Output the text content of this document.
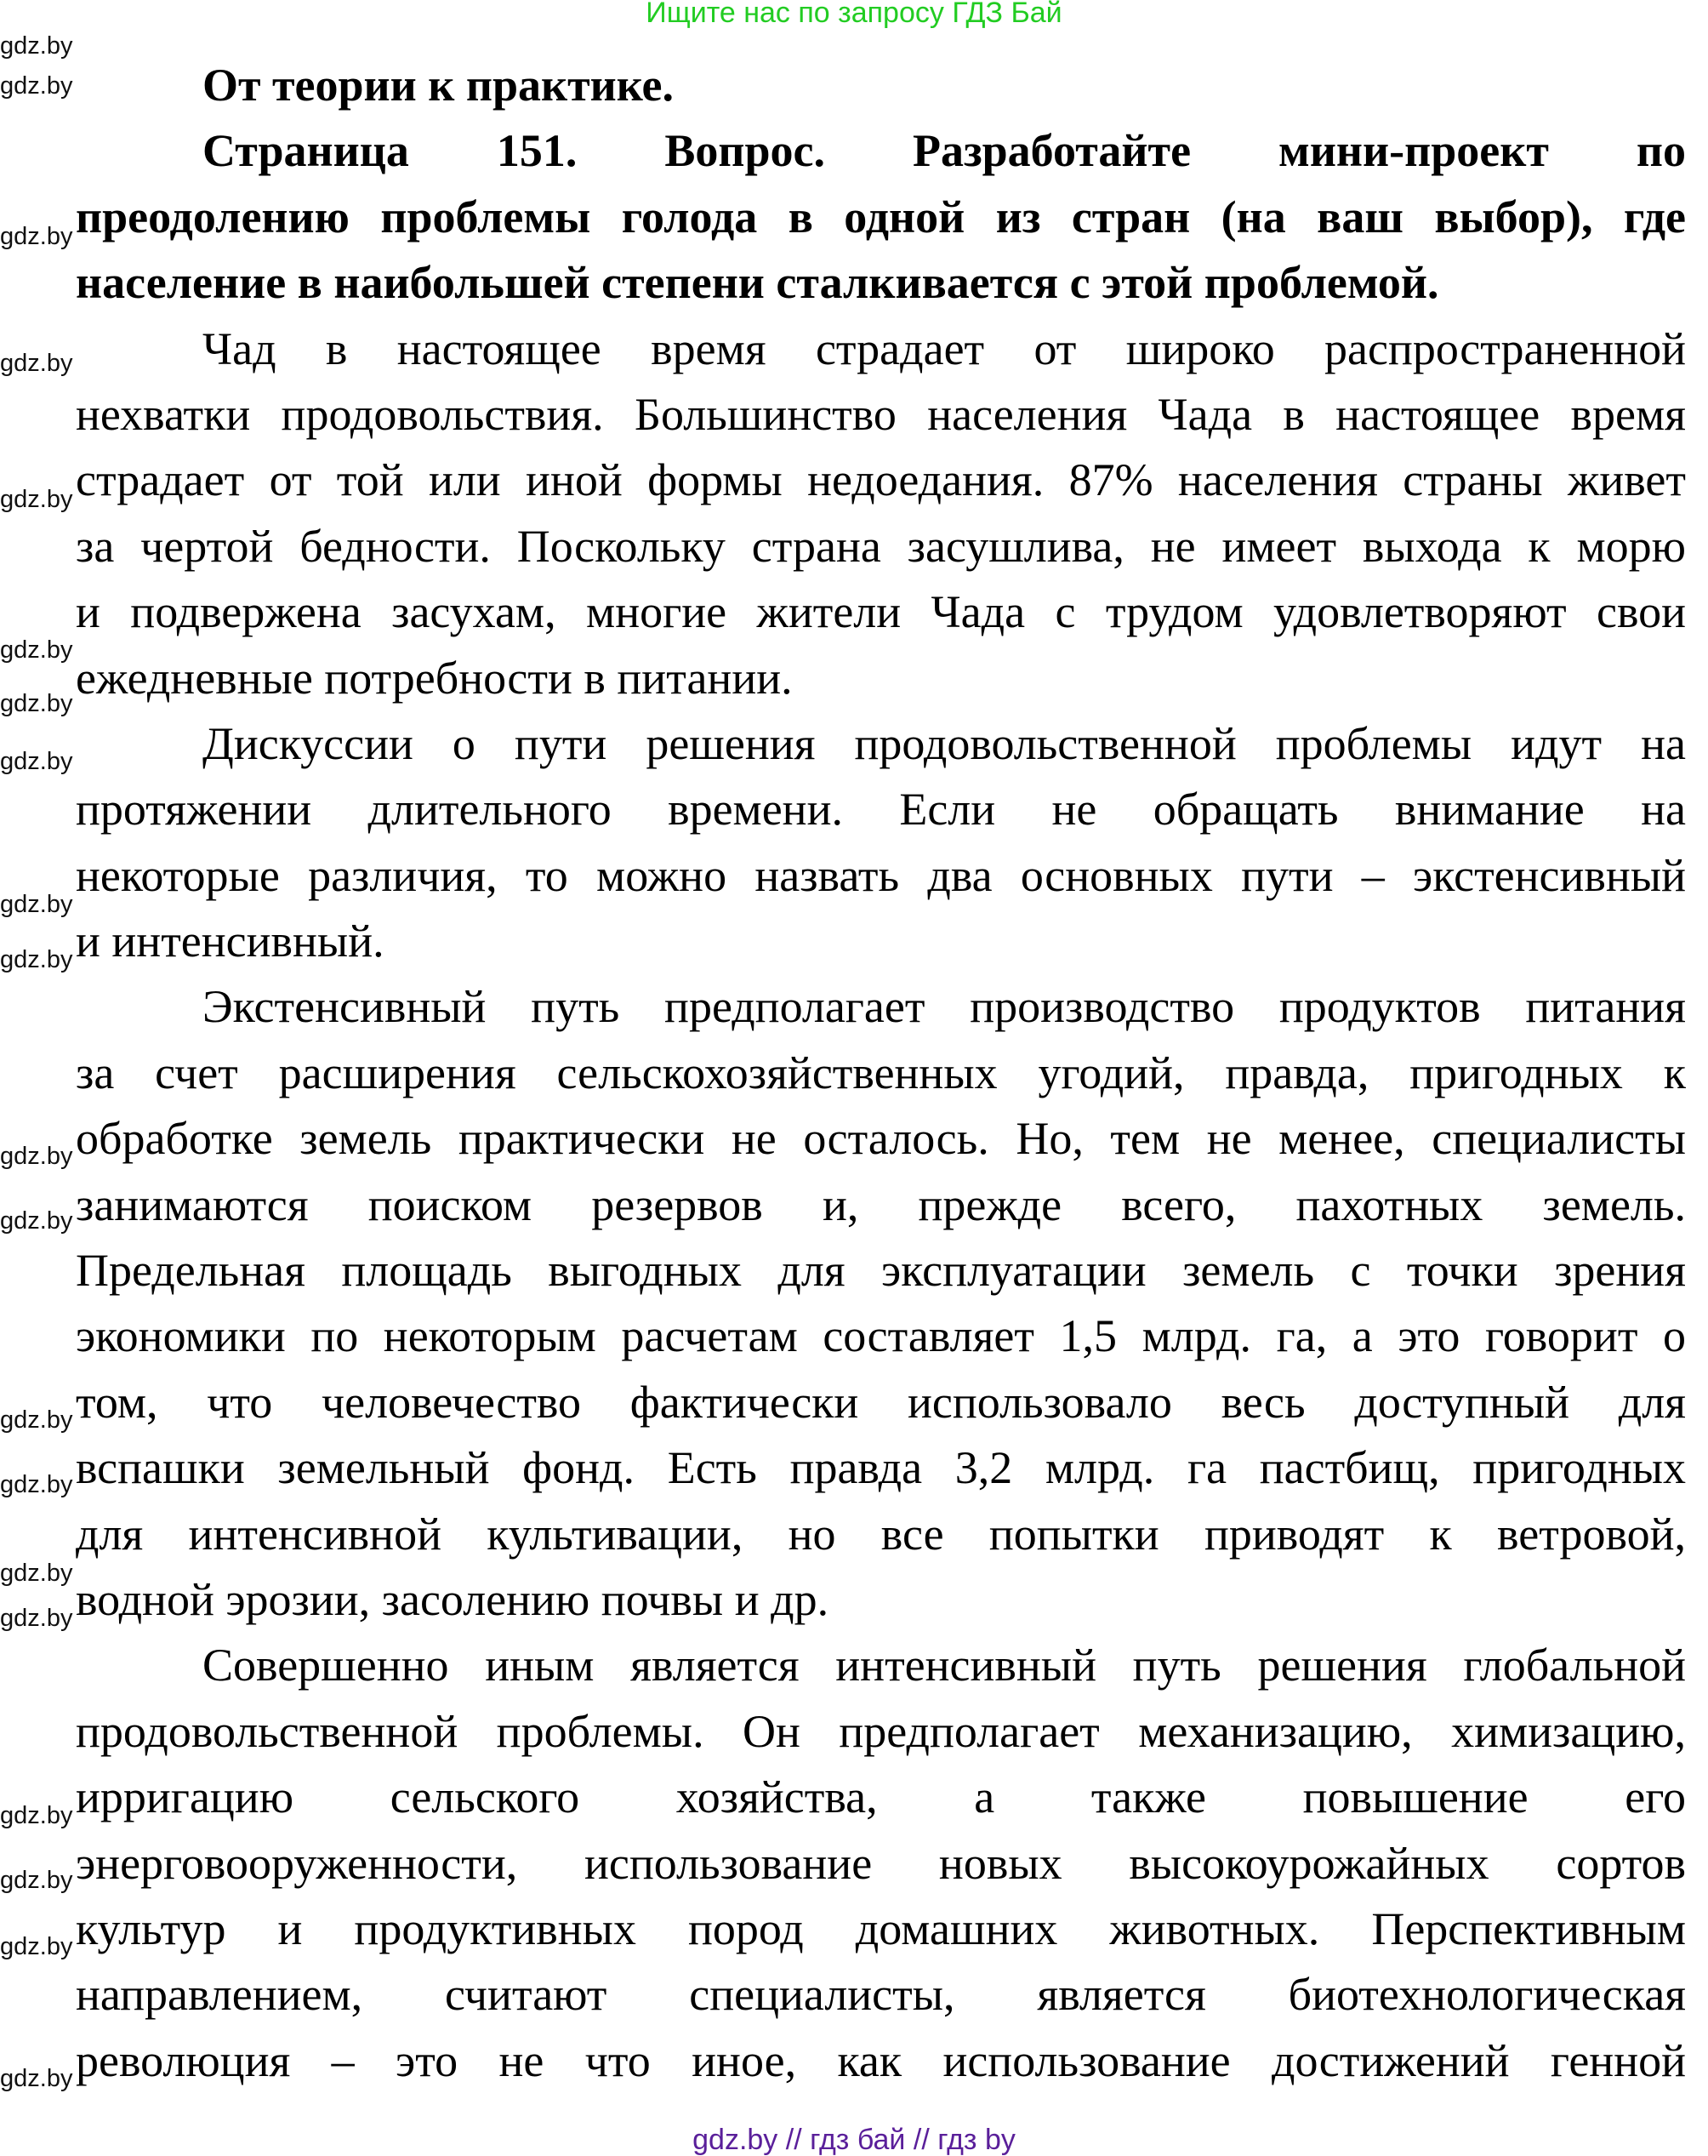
Ищите нас по запросу ГДЗ Бай
От теории к практике.
Страница 151. Вопрос. Разработайте мини-проект по
преодолению проблемы голода в одной из стран (на ваш выбор), где
население в наибольшей степени сталкивается с этой проблемой.
Чад в настоящее время страдает от широко распространенной
нехватки продовольствия. Большинство населения Чада в настоящее время
страдает от той или иной формы недоедания. 87% населения страны живет
за чертой бедности. Поскольку страна засушлива, не имеет выхода к морю
и подвержена засухам, многие жители Чада с трудом удовлетворяют свои
ежедневные потребности в питании.
Дискуссии о пути решения продовольственной проблемы идут на
протяжении длительного времени. Если не обращать внимание на
некоторые различия, то можно назвать два основных пути – экстенсивный
и интенсивный.
Экстенсивный путь предполагает производство продуктов питания
за счет расширения сельскохозяйственных угодий, правда, пригодных к
обработке земель практически не осталось. Но, тем не менее, специалисты
занимаются поиском резервов и, прежде всего, пахотных земель.
Предельная площадь выгодных для эксплуатации земель с точки зрения
экономики по некоторым расчетам составляет 1,5 млрд. га, а это говорит о
том, что человечество фактически использовало весь доступный для
вспашки земельный фонд. Есть правда 3,2 млрд. га пастбищ, пригодных
для интенсивной культивации, но все попытки приводят к ветровой,
водной эрозии, засолению почвы и др.
Совершенно иным является интенсивный путь решения глобальной
продовольственной проблемы. Он предполагает механизацию, химизацию,
ирригацию сельского хозяйства, а также повышение его
энерговооруженности, использование новых высокоурожайных сортов
культур и продуктивных пород домашних животных. Перспективным
направлением, считают специалисты, является биотехнологическая
революция – это не что иное, как использование достижений генной
gdz.by
gdz.by
gdz.by
gdz.by
gdz.by
gdz.by
gdz.by
gdz.by
gdz.by
gdz.by
gdz.by
gdz.by
gdz.by
gdz.by
gdz.by
gdz.by
gdz.by
gdz.by
gdz.by
gdz.by
gdz.by // гдз бай // гдз by
